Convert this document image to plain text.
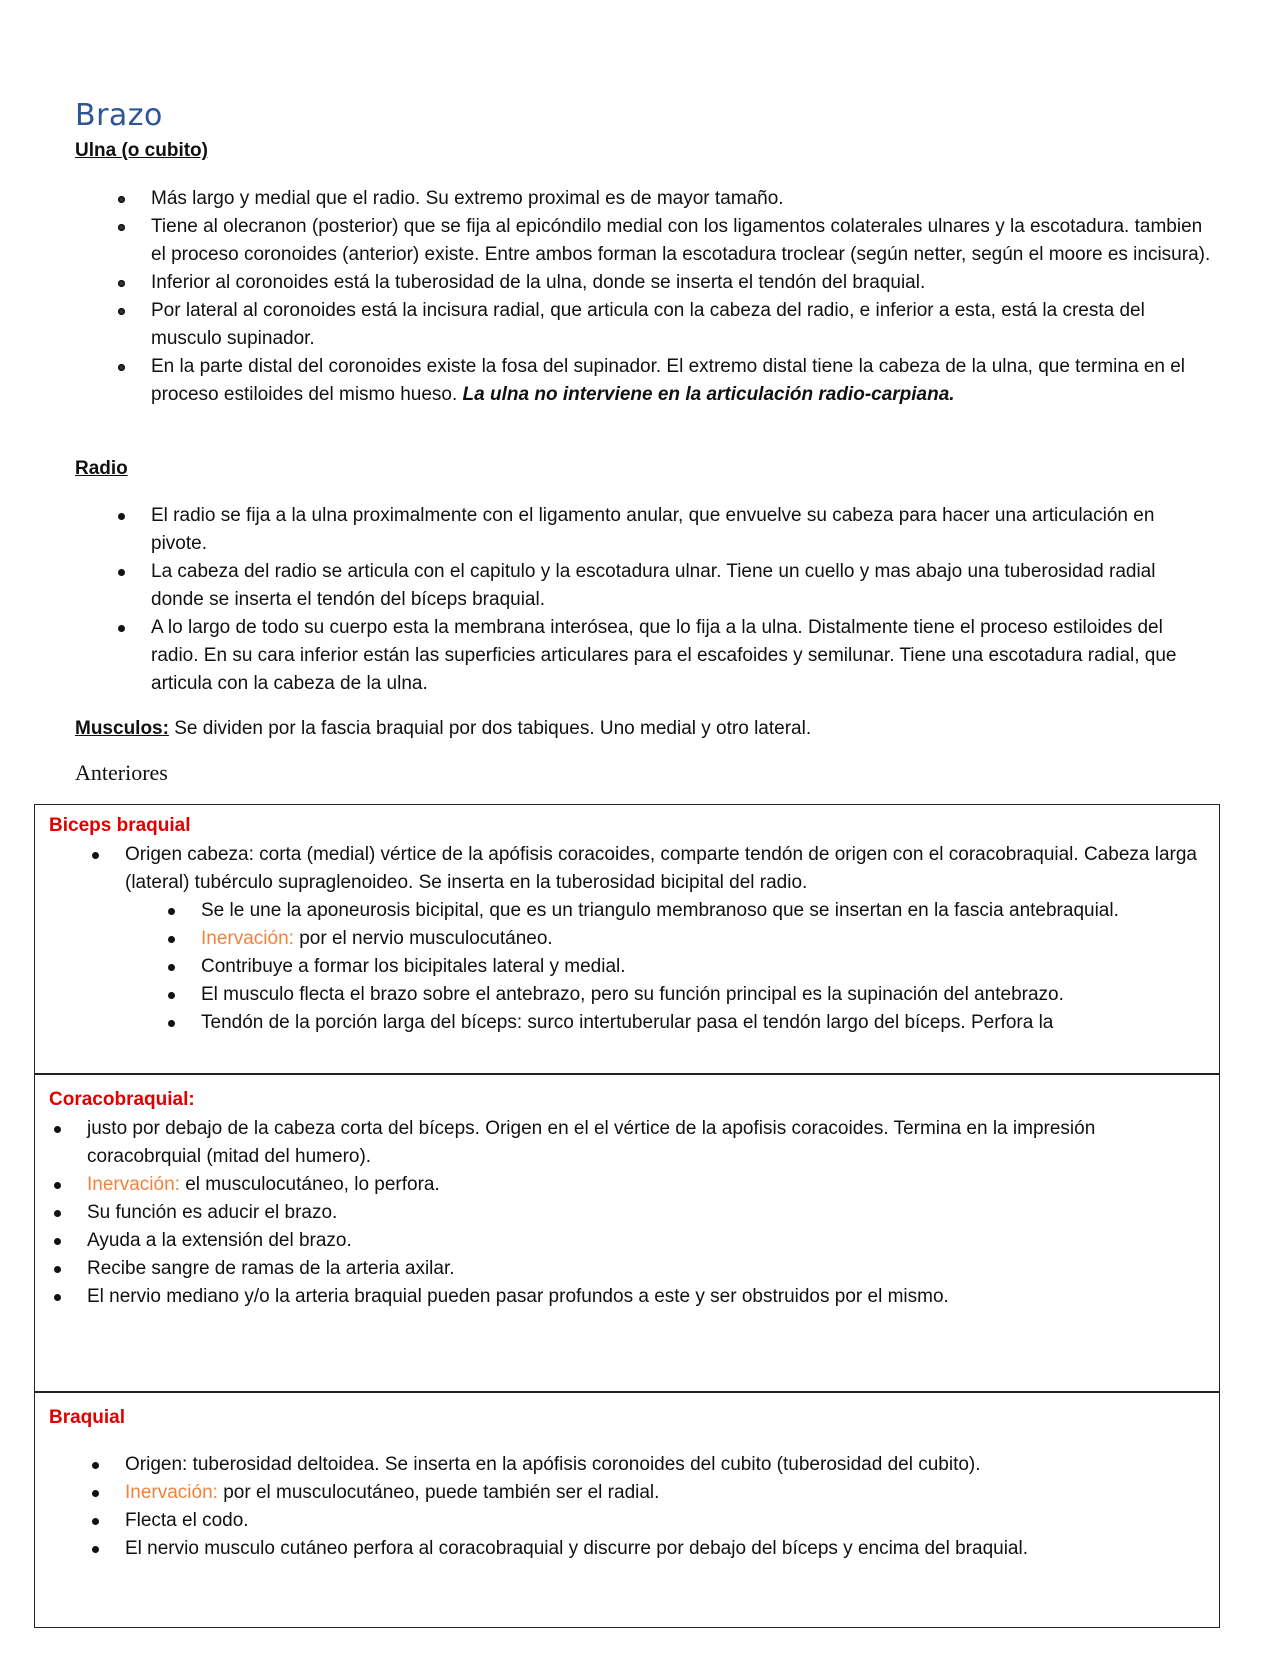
Brazo
Ulna (o cubito)
Más largo y medial que el radio. Su extremo proximal es de mayor tamaño.
Tiene al olecranon (posterior) que se fija al epicóndilo medial con los ligamentos colaterales ulnares y la escotadura. tambien el proceso coronoides (anterior) existe. Entre ambos forman la escotadura troclear (según netter, según el moore es incisura).
Inferior al coronoides está la tuberosidad de la ulna, donde se inserta el tendón del braquial.
Por lateral al coronoides está la incisura radial, que articula con la cabeza del radio, e inferior a esta, está la cresta del musculo supinador.
En la parte distal del coronoides existe la fosa del supinador. El extremo distal tiene la cabeza de la ulna, que termina en el proceso estiloides del mismo hueso. La ulna no interviene en la articulación radio-carpiana.
Radio
El radio se fija a la ulna proximalmente con el ligamento anular, que envuelve su cabeza para hacer una articulación en pivote.
La cabeza del radio se articula con el capitulo y la escotadura ulnar. Tiene un cuello y mas abajo una tuberosidad radial donde se inserta el tendón del bíceps braquial.
A lo largo de todo su cuerpo esta la membrana interósea, que lo fija a la ulna. Distalmente tiene el proceso estiloides del radio. En su cara inferior están las superficies articulares para el escafoides y semilunar. Tiene una escotadura radial, que articula con la cabeza de la ulna.
Musculos: Se dividen por la fascia braquial por dos tabiques. Uno medial y otro lateral.
Anteriores
Biceps braquial
Origen cabeza: corta (medial) vértice de la apófisis coracoides, comparte tendón de origen con el coracobraquial. Cabeza larga (lateral) tubérculo supraglenoideo. Se inserta en la tuberosidad bicipital del radio.
Se le une la aponeurosis bicipital, que es un triangulo membranoso que se insertan en la fascia antebraquial.
Inervación: por el nervio musculocutáneo.
Contribuye a formar los bicipitales lateral y medial.
El musculo flecta el brazo sobre el antebrazo, pero su función principal es la supinación del antebrazo.
Tendón de la porción larga del bíceps: surco intertuberular pasa el tendón largo del bíceps. Perfora la
Coracobraquial:
justo por debajo de la cabeza corta del bíceps. Origen en el el vértice de la apofisis coracoides. Termina en la impresión coracobrquial (mitad del humero).
Inervación: el musculocutáneo, lo perfora.
Su función es aducir el brazo.
Ayuda a la extensión del brazo.
Recibe sangre de ramas de la arteria axilar.
El nervio mediano y/o la arteria braquial pueden pasar profundos a este y ser obstruidos por el mismo.
Braquial
Origen: tuberosidad deltoidea. Se inserta en la apófisis coronoides del cubito (tuberosidad del cubito).
Inervación: por el musculocutáneo, puede también ser el radial.
Flecta el codo.
El nervio musculo cutáneo perfora al coracobraquial y discurre por debajo del bíceps y encima del braquial.
